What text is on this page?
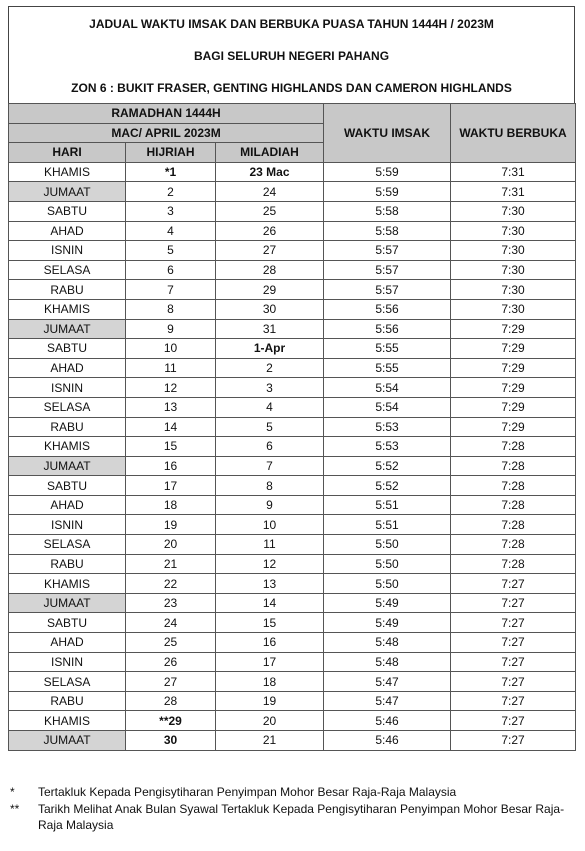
JADUAL WAKTU IMSAK DAN BERBUKA PUASA TAHUN 1444H / 2023M
BAGI SELURUH NEGERI PAHANG
ZON 6 : BUKIT FRASER, GENTING HIGHLANDS DAN CAMERON HIGHLANDS
RAMADHAN 1444H			WAKTU IMSAK	WAKTU BERBUKA
MAC/ APRIL 2023M				
HARI	HIJRIAH	MILADIAH		
KHAMIS	*1	23 Mac	5:59	7:31
JUMAAT	2	24	5:59	7:31
SABTU	3	25	5:58	7:30
AHAD	4	26	5:58	7:30
ISNIN	5	27	5:57	7:30
SELASA	6	28	5:57	7:30
RABU	7	29	5:57	7:30
KHAMIS	8	30	5:56	7:30
JUMAAT	9	31	5:56	7:29
SABTU	10	1-Apr	5:55	7:29
AHAD	11	2	5:55	7:29
ISNIN	12	3	5:54	7:29
SELASA	13	4	5:54	7:29
RABU	14	5	5:53	7:29
KHAMIS	15	6	5:53	7:28
JUMAAT	16	7	5:52	7:28
SABTU	17	8	5:52	7:28
AHAD	18	9	5:51	7:28
ISNIN	19	10	5:51	7:28
SELASA	20	11	5:50	7:28
RABU	21	12	5:50	7:28
KHAMIS	22	13	5:50	7:27
JUMAAT	23	14	5:49	7:27
SABTU	24	15	5:49	7:27
AHAD	25	16	5:48	7:27
ISNIN	26	17	5:48	7:27
SELASA	27	18	5:47	7:27
RABU	28	19	5:47	7:27
KHAMIS	**29	20	5:46	7:27
JUMAAT	30	21	5:46	7:27
* Tertakluk Kepada Pengisytiharan Penyimpan Mohor Besar Raja-Raja Malaysia
** Tarikh Melihat Anak Bulan Syawal Tertakluk Kepada Pengisytiharan Penyimpan Mohor Besar Raja-Raja Malaysia
